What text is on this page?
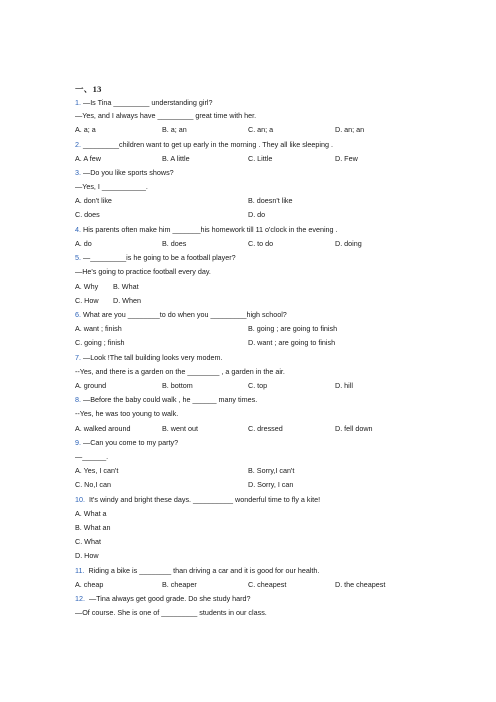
一、13
1. —Is Tina _________ understanding girl?
—Yes, and I always have _________ great time with her.
A. a; a	B. a; an	C. an; a	D. an; an
2. _________children want to get up early in the morning . They all like sleeping .
A. A few	B. A little	C. Little	D. Few
3. —Do you like sports shows?
—Yes, I ___________.
A. don't like	B. doesn't like
C. does	D. do
4. His parents often make him _______his homework till 11 o'clock in the evening .
A. do	B. does	C. to do	D. doing
5. —_________is he going to be a football player?
—He's going to practice football every day.
A. Why B. What
C. How D. When
6. What are you ________to do when you _________high school?
A. want ; finish	B. going ; are going to finish
C. going ; finish	D. want ; are going to finish
7. —Look !The tall building looks very modem.
--Yes, and there is a garden on the ________ , a garden in the air.
A. ground	B. bottom	C. top	D. hill
8. —Before the baby could walk , he ______ many times.
--Yes, he was too young to walk.
A. walked around	B. went out	C. dressed	D. fell down
9. —Can you come to my party?
—______.
A. Yes, I can't	B. Sorry,I can't
C. No,I can	D. Sorry, I can
10.  It's windy and bright these days. __________ wonderful time to fly a kite!
A. What a
B. What an
C. What
D. How
11.  Riding a bike is ________ than driving a car and it is good for our health.
A. cheap	B. cheaper	C. cheapest	D. the cheapest
12.  —Tina always get good grade. Do she study hard?
—Of course. She is one of _________ students in our class.
